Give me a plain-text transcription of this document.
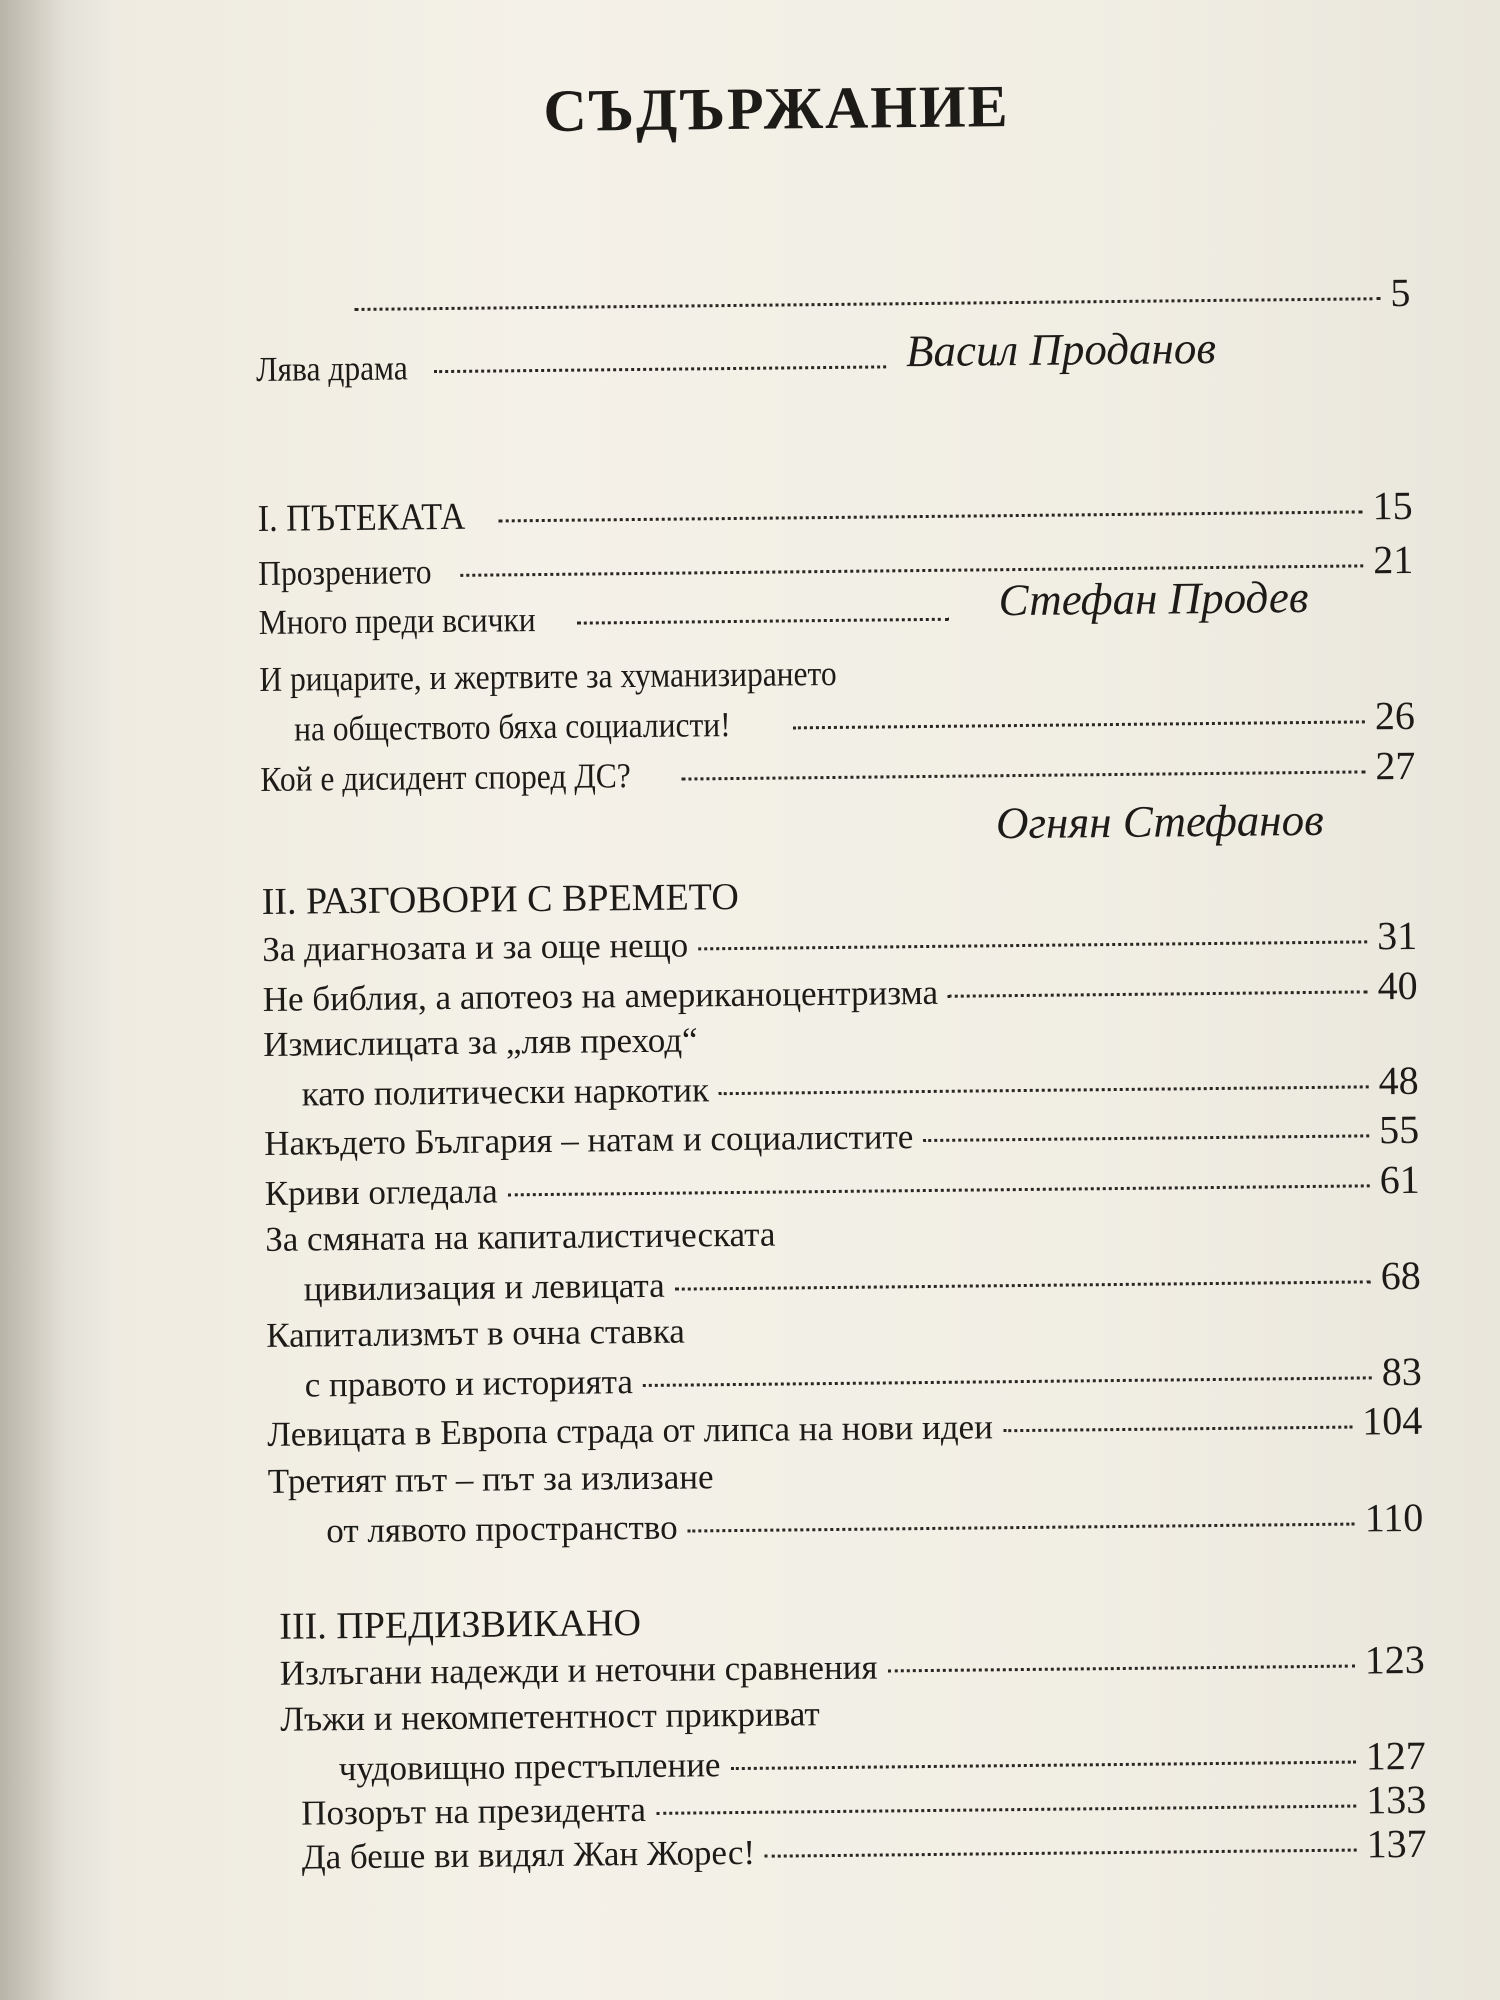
СЪДЪРЖАНИЕ
5
Лява драма	Васил Проданов
I. ПЪТЕКАТА	15
Прозрението	21
Много преди всички	Стефан Продев
И рицарите, и жертвите за хуманизирането
на обществото бяха социалисти!	26
Кой е дисидент според ДС?	27
Огнян Стефанов
II. РАЗГОВОРИ С ВРЕМЕТО
За диагнозата и за още нещо	31
Не библия, а апотеоз на американоцентризма	40
Измислицата за „ляв преход“
като политически наркотик	48
Накъдето България – натам и социалистите	55
Криви огледала	61
За смяната на капиталистическата
цивилизация и левицата	68
Капитализмът в очна ставка
с правото и историята	83
Левицата в Европа страда от липса на нови идеи	104
Третият път – път за излизане
от лявото пространство	110
III. ПРЕДИЗВИКАНО
Излъгани надежди и неточни сравнения	123
Лъжи и некомпетентност прикриват
чудовищно престъпление	127
Позорът на президента	133
Да беше ви видял Жан Жорес!	137
